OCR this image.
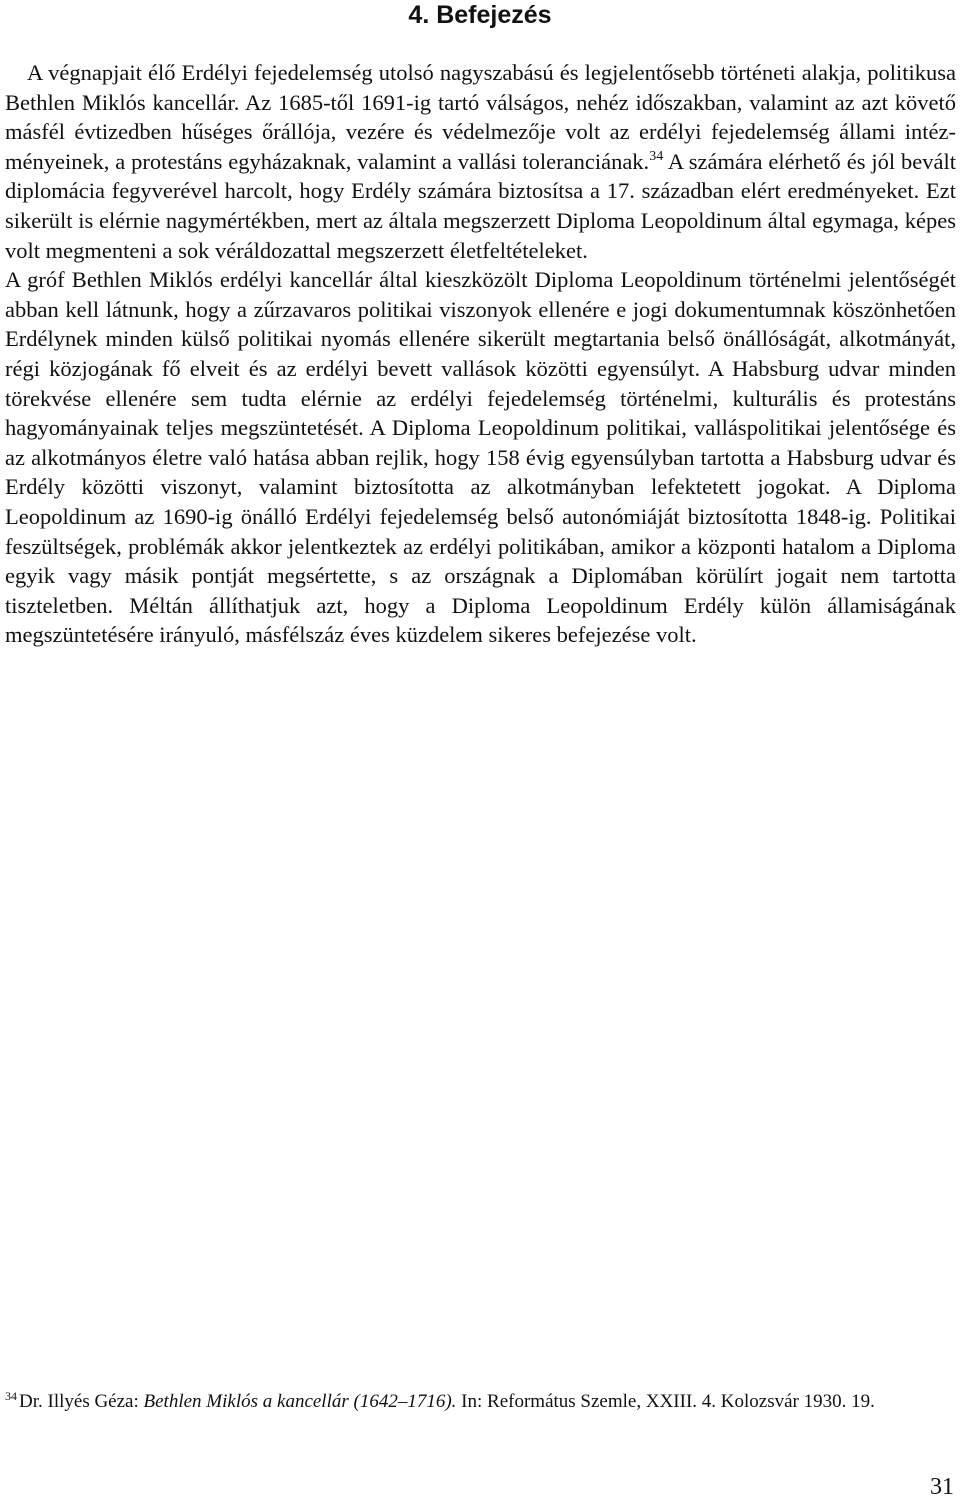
4. Befejezés

A végnapjait élő Erdélyi fejedelemség utolsó nagyszabású és legjelentősebb történeti alakja, politikusa Bethlen Miklós kancellár. Az 1685-től 1691-ig tartó válságos, nehéz időszakban, valamint az azt követő másfél évtizedben hűséges őrállója, vezére és védelmezője volt az erdélyi fejedelemség állami intézményeinek, a protestáns egyházaknak, valamint a vallási toleranciának.$^{34}$ A számára elérhető és jól bevált diplomácia fegyverével harcolt, hogy Erdély számára biztosítsa a 17. században elért eredményeket. Ezt sikerült is elérnie nagymértékben, mert az általa megszerzett Diploma Leopoldinum által egymaga, képes volt megmenteni a sok véráldozattal megszerzett életfeltételeket.

A gróf Bethlen Miklós erdélyi kancellár által kieszközölt Diploma Leopoldinum történelmi jelentőségét abban kell látnunk, hogy a zűrzavaros politikai viszonyok ellenére e jogi dokumentumnak köszönhetően Erdélynek minden külső politikai nyomás ellenére sikerült megtartania belső önállóságát, alkotmányát, régi közjogának fő elveit és az erdélyi bevett vallások közötti egyensúlyt. A Habsburg udvar minden törekvése ellenére sem tudta elérnie az erdélyi fejedelemség történelmi, kulturális és protestáns hagyományainak teljes megszüntetését. A Diploma Leopoldinum politikai, valláspolitikai jelentősége és az alkotmányos életre való hatása abban rejlik, hogy 158 évig egyensúlyban tartotta a Habsburg udvar és Erdély közötti viszonyt, valamint biztosította az alkotmányban lefektetett jogokat. A Diploma Leopoldinum az 1690-ig önálló Erdélyi fejedelemség belső autonómiáját biztosította 1848-ig. Politikai feszültségek, problémák akkor jelentkeztek az erdélyi politikában, amikor a központi hatalom a Diploma egyik vagy másik pontját megsértette, s az országnak a Diplomában körülírt jogait nem tartotta tiszteletben. Méltán állíthatjuk azt, hogy a Diploma Leopoldinum Erdély külön államiságának megszüntetésére irányuló, másfélszáz éves küzdelem sikeres befejezése volt.

$^{34}$ Dr. Illyés Géza: Bethlen Miklós a kancellár (1642–1716). In: Református Szemle, XXIII. 4. Kolozsvár 1930. 19.
31
